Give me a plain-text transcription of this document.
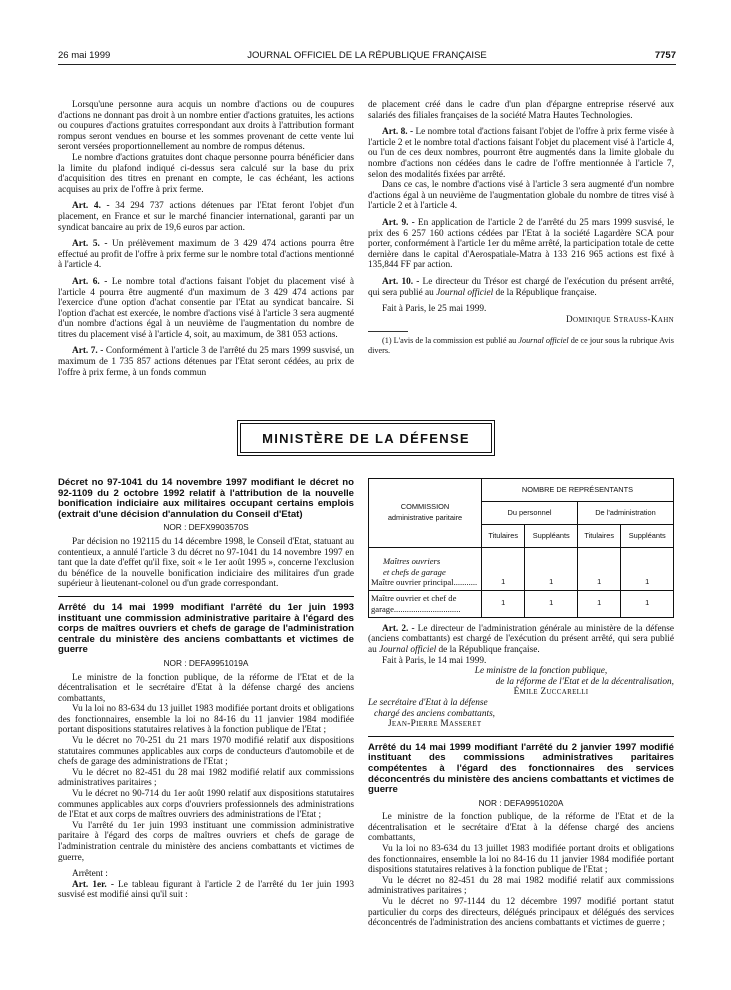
26 mai 1999	JOURNAL OFFICIEL DE LA RÉPUBLIQUE FRANÇAISE	7757

Lorsqu'une personne aura acquis un nombre d'actions ou de coupures d'actions ne donnant pas droit à un nombre entier d'actions gratuites, les actions ou coupures d'actions gratuites correspondant aux droits à l'attribution formant rompus seront vendues en bourse et les sommes provenant de cette vente lui seront versées proportionnellement au nombre de rompus détenus.

Le nombre d'actions gratuites dont chaque personne pourra bénéficier dans la limite du plafond indiqué ci-dessus sera calculé sur la base du prix d'acquisition des titres en prenant en compte, le cas échéant, les actions acquises au prix de l'offre à prix ferme.

Art. 4. - 34 294 737 actions détenues par l'Etat feront l'objet d'un placement, en France et sur le marché financier international, garanti par un syndicat bancaire au prix de 19,6 euros par action.

Art. 5. - Un prélèvement maximum de 3 429 474 actions pourra être effectué au profit de l'offre à prix ferme sur le nombre total d'actions mentionné à l'article 4.

Art. 6. - Le nombre total d'actions faisant l'objet du placement visé à l'article 4 pourra être augmenté d'un maximum de 3 429 474 actions par l'exercice d'une option d'achat consentie par l'Etat au syndicat bancaire. Si l'option d'achat est exercée, le nombre d'actions visé à l'article 3 sera augmenté d'un nombre d'actions égal à un neuvième de l'augmentation du nombre de titres du placement visé à l'article 4, soit, au maximum, de 381 053 actions.

Art. 7. - Conformément à l'article 3 de l'arrêté du 25 mars 1999 susvisé, un maximum de 1 735 857 actions détenues par l'Etat seront cédées, au prix de l'offre à prix ferme, à un fonds commun

de placement créé dans le cadre d'un plan d'épargne entreprise réservé aux salariés des filiales françaises de la société Matra Hautes Technologies.

Art. 8. - Le nombre total d'actions faisant l'objet de l'offre à prix ferme visée à l'article 2 et le nombre total d'actions faisant l'objet du placement visé à l'article 4, ou l'un de ces deux nombres, pourront être augmentés dans la limite globale du nombre d'actions non cédées dans le cadre de l'offre mentionnée à l'article 7, selon des modalités fixées par arrêté.

Dans ce cas, le nombre d'actions visé à l'article 3 sera augmenté d'un nombre d'actions égal à un neuvième de l'augmentation globale du nombre de titres visé à l'article 2 et à l'article 4.

Art. 9. - En application de l'article 2 de l'arrêté du 25 mars 1999 susvisé, le prix des 6 257 160 actions cédées par l'Etat à la société Lagardère SCA pour porter, conformément à l'article 1er du même arrêté, la participation totale de cette dernière dans le capital d'Aerospatiale-Matra à 133 216 965 actions est fixé à 135,844 FF par action.

Art. 10. - Le directeur du Trésor est chargé de l'exécution du présent arrêté, qui sera publié au Journal officiel de la République française.

Fait à Paris, le 25 mai 1999.

Dominique Strauss-Kahn

(1) L'avis de la commission est publié au Journal officiel de ce jour sous la rubrique Avis divers.

MINISTÈRE DE LA DÉFENSE
Décret no 97-1041 du 14 novembre 1997 modifiant le décret no 92-1109 du 2 octobre 1992 relatif à l'attribution de la nouvelle bonification indiciaire aux militaires occupant certains emplois (extrait d'une décision d'annulation du Conseil d'Etat)
NOR : DEFX9903570S

Par décision no 192115 du 14 décembre 1998, le Conseil d'Etat, statuant au contentieux, a annulé l'article 3 du décret no 97-1041 du 14 novembre 1997 en tant que la date d'effet qu'il fixe, soit « le 1er août 1995 », concerne l'exclusion du bénéfice de la nouvelle bonification indiciaire des militaires d'un grade supérieur à lieutenant-colonel ou d'un grade correspondant.

Arrêté du 14 mai 1999 modifiant l'arrêté du 1er juin 1993 instituant une commission administrative paritaire à l'égard des corps de maîtres ouvriers et chefs de garage de l'administration centrale du ministère des anciens combattants et victimes de guerre
NOR : DEFA9951019A

Le ministre de la fonction publique, de la réforme de l'Etat et de la décentralisation et le secrétaire d'Etat à la défense chargé des anciens combattants,

Vu la loi no 83-634 du 13 juillet 1983 modifiée portant droits et obligations des fonctionnaires, ensemble la loi no 84-16 du 11 janvier 1984 modifiée portant dispositions statutaires relatives à la fonction publique de l'Etat ;

Vu le décret no 70-251 du 21 mars 1970 modifié relatif aux dispositions statutaires communes applicables aux corps de conducteurs d'automobile et de chefs de garage des administrations de l'Etat ;

Vu le décret no 82-451 du 28 mai 1982 modifié relatif aux commissions administratives paritaires ;

Vu le décret no 90-714 du 1er août 1990 relatif aux dispositions statutaires communes applicables aux corps d'ouvriers professionnels des administrations de l'Etat et aux corps de maîtres ouvriers des administrations de l'Etat ;

Vu l'arrêté du 1er juin 1993 instituant une commission administrative paritaire à l'égard des corps de maîtres ouvriers et chefs de garage de l'administration centrale du ministère des anciens combattants et victimes de guerre,

Arrêtent :

Art. 1er. - Le tableau figurant à l'article 2 de l'arrêté du 1er juin 1993 susvisé est modifié ainsi qu'il suit :

COMMISSION
administrative paritaire	NOMBRE DE REPRÉSENTANTS			
	Du personnel		De l'administration	
	Titulaires	Suppléants	Titulaires	Suppléants

Maîtres ouvriers
et chefs de garage
Maître ouvrier principal...........	1	1	1	1
Maître ouvrier et chef de garage...............................	1	1	1	1

Art. 2. - Le directeur de l'administration générale au ministère de la défense (anciens combattants) est chargé de l'exécution du présent arrêté, qui sera publié au Journal officiel de la République française.

Fait à Paris, le 14 mai 1999.

Le ministre de la fonction publique,

de la réforme de l'Etat et de la décentralisation,

Émile Zuccarelli

Le secrétaire d'Etat à la défense

chargé des anciens combattants,

Jean-Pierre Masseret

Arrêté du 14 mai 1999 modifiant l'arrêté du 2 janvier 1997 modifié instituant des commissions administratives paritaires compétentes à l'égard des fonctionnaires des services déconcentrés du ministère des anciens combattants et victimes de guerre
NOR : DEFA9951020A

Le ministre de la fonction publique, de la réforme de l'Etat et de la décentralisation et le secrétaire d'Etat à la défense chargé des anciens combattants,

Vu la loi no 83-634 du 13 juillet 1983 modifiée portant droits et obligations des fonctionnaires, ensemble la loi no 84-16 du 11 janvier 1984 modifiée portant dispositions statutaires relatives à la fonction publique de l'Etat ;

Vu le décret no 82-451 du 28 mai 1982 modifié relatif aux commissions administratives paritaires ;

Vu le décret no 97-1144 du 12 décembre 1997 modifié portant statut particulier du corps des directeurs, délégués principaux et délégués des services déconcentrés de l'administration des anciens combattants et victimes de guerre ;
